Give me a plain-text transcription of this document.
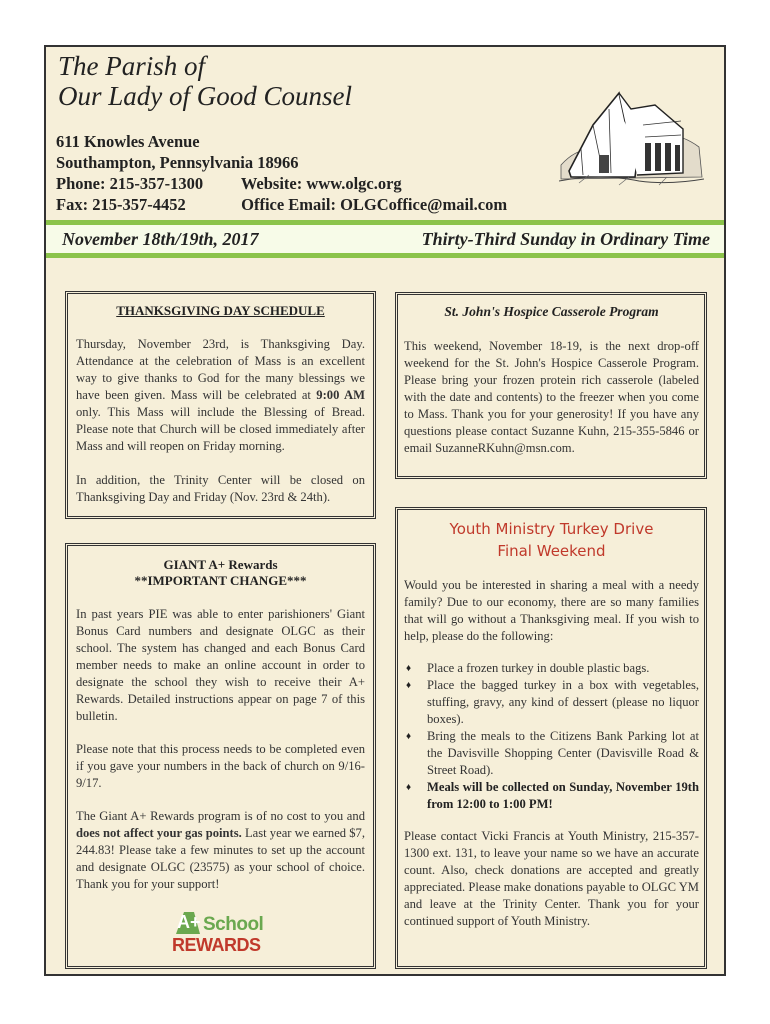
The Parish of
Our Lady of Good Counsel
611 Knowles Avenue
Southampton, Pennsylvania 18966
Phone: 215-357-1300 Website: www.olgc.org
Fax: 215-357-4452	Office Email: OLGCoffice@mail.com
November 18th/19th, 2017	Thirty-Third Sunday in Ordinary Time
THANKSGIVING DAY SCHEDULE

Thursday, November 23rd, is Thanksgiving Day. Attendance at the celebration of Mass is an excellent way to give thanks to God for the many blessings we have been given. Mass will be celebrated at 9:00 AM only. This Mass will include the Blessing of Bread. Please note that Church will be closed immediately after Mass and will reopen on Friday morning.

In addition, the Trinity Center will be closed on Thanksgiving Day and Friday (Nov. 23rd & 24th).

St. John's Hospice Casserole Program

This weekend, November 18-19, is the next drop-off weekend for the St. John's Hospice Casserole Program. Please bring your frozen protein rich casserole (labeled with the date and contents) to the freezer when you come to Mass. Thank you for your generosity! If you have any questions please contact Suzanne Kuhn, 215-355-5846 or email SuzanneRKuhn@msn.com.

GIANT A+ Rewards
**IMPORTANT CHANGE***

In past years PIE was able to enter parishioners' Giant Bonus Card numbers and designate OLGC as their school. The system has changed and each Bonus Card member needs to make an online account in order to designate the school they wish to receive their A+ Rewards. Detailed instructions appear on page 7 of this bulletin.

Please note that this process needs to be completed even if you gave your numbers in the back of church on 9/16-9/17.

The Giant A+ Rewards program is of no cost to you and does not affect your gas points. Last year we earned $7, 244.83! Please take a few minutes to set up the account and designate OLGC (23575) as your school of choice. Thank you for your support!

A+ School
REWARDS
Youth Ministry Turkey Drive
Final Weekend

Would you be interested in sharing a meal with a needy family? Due to our economy, there are so many families that will go without a Thanksgiving meal. If you wish to help, please do the following:

♦ Place a frozen turkey in double plastic bags.
♦ Place the bagged turkey in a box with vegetables, stuffing, gravy, any kind of dessert (please no liquor boxes).
♦ Bring the meals to the Citizens Bank Parking lot at the Davisville Shopping Center (Davisville Road & Street Road).
♦ Meals will be collected on Sunday, November 19th from 12:00 to 1:00 PM!

Please contact Vicki Francis at Youth Ministry, 215-357-1300 ext. 131, to leave your name so we have an accurate count. Also, check donations are accepted and greatly appreciated. Please make donations payable to OLGC YM and leave at the Trinity Center. Thank you for your continued support of Youth Ministry.
